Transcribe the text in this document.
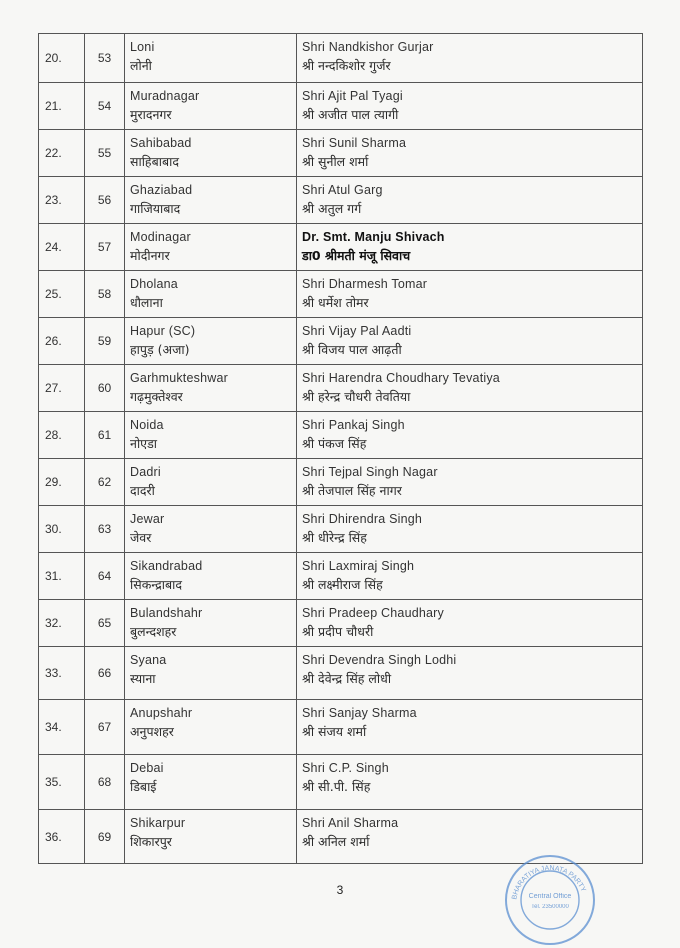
20.	53	Loni
लोनी	Shri Nandkishor Gurjar
श्री नन्दकिशोर गुर्जर

21.	54	Muradnagar
मुरादनगर	Shri Ajit Pal Tyagi
श्री अजीत पाल त्यागी

22.	55	Sahibabad
साहिबाबाद	Shri Sunil Sharma
श्री सुनील शर्मा

23.	56	Ghaziabad
गाजियाबाद	Shri Atul Garg
श्री अतुल गर्ग

24.	57	Modinagar
मोदीनगर	Dr. Smt. Manju Shivach
डा0 श्रीमती मंजू सिवाच

25.	58	Dholana
धौलाना	Shri Dharmesh Tomar
श्री धर्मेश तोमर

26.	59	Hapur (SC)
हापुड़ (अजा)	Shri Vijay Pal Aadti
श्री विजय पाल आढ़ती

27.	60	Garhmukteshwar
गढ़मुक्तेश्वर	Shri Harendra Choudhary Tevatiya
श्री हरेन्द्र चौधरी तेवतिया

28.	61	Noida
नोएडा	Shri Pankaj Singh
श्री पंकज सिंह

29.	62	Dadri
दादरी	Shri Tejpal Singh Nagar
श्री तेजपाल सिंह नागर

30.	63	Jewar
जेवर	Shri Dhirendra Singh
श्री धीरेन्द्र सिंह

31.	64	Sikandrabad
सिकन्द्राबाद	Shri Laxmiraj Singh
श्री लक्ष्मीराज सिंह

32.	65	Bulandshahr
बुलन्दशहर	Shri Pradeep Chaudhary
श्री प्रदीप चौधरी

33.	66	Syana
स्याना	Shri Devendra Singh Lodhi
श्री देवेन्द्र सिंह लोधी

34.	67	Anupshahr
अनुपशहर	Shri Sanjay Sharma
श्री संजय शर्मा

35.	68	Debai
डिबाई	Shri C.P. Singh
श्री सी.पी. सिंह

36.	69	Shikarpur
शिकारपुर	Shri Anil Sharma
श्री अनिल शर्मा
3
BHARATIYA JANATA PARTY
Central Office
Tel. 23500000
